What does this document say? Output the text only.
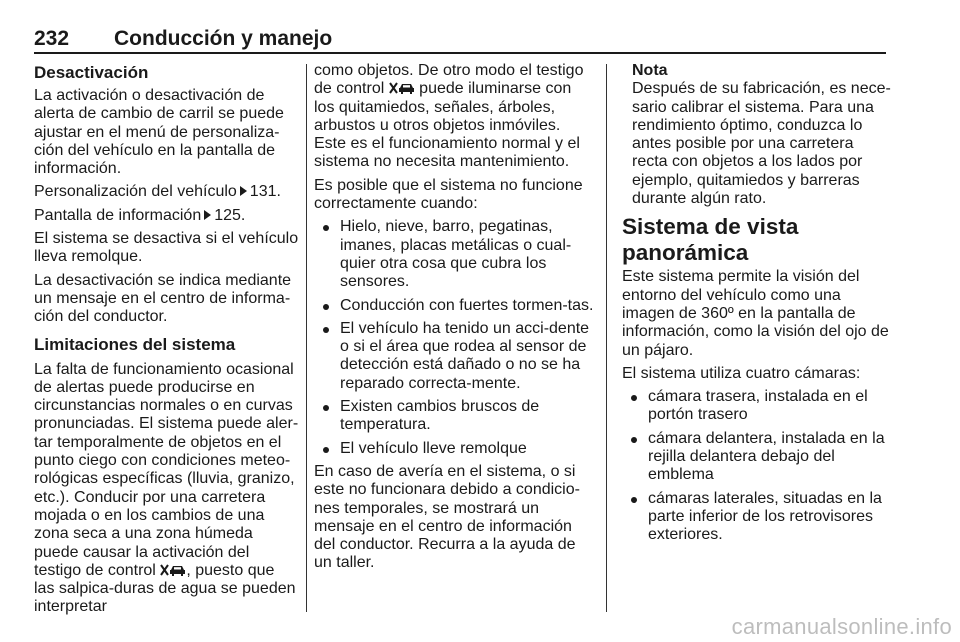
232 Conducción y manejo
Desactivación

La activación o desactivación de alerta de cambio de carril se puede ajustar en el menú de personaliza-ción del vehículo en la pantalla de información.

Personalización del vehículo 131.

Pantalla de información 125.

El sistema se desactiva si el vehículo lleva remolque.

La desactivación se indica mediante un mensaje en el centro de informa-ción del conductor.

Limitaciones del sistema

La falta de funcionamiento ocasional de alertas puede producirse en circunstancias normales o en curvas pronunciadas. El sistema puede aler-tar temporalmente de objetos en el punto ciego con condiciones meteo-rológicas específicas (lluvia, granizo, etc.). Conducir por una carretera mojada o en los cambios de una zona seca a una zona húmeda puede causar la activación del testigo de control , puesto que las salpica-duras de agua se pueden interpretar

como objetos. De otro modo el testigo de control puede iluminarse con los quitamiedos, señales, árboles, arbustos u otros objetos inmóviles. Este es el funcionamiento normal y el sistema no necesita mantenimiento.

Es posible que el sistema no funcione correctamente cuando:

Hielo, nieve, barro, pegatinas, imanes, placas metálicas o cual-quier otra cosa que cubra los sensores.
Conducción con fuertes tormen-tas.
El vehículo ha tenido un acci-dente o si el área que rodea al sensor de detección está dañado o no se ha reparado correcta-mente.
Existen cambios bruscos de temperatura.
El vehículo lleve remolque

En caso de avería en el sistema, o si este no funcionara debido a condicio-nes temporales, se mostrará un mensaje en el centro de información del conductor. Recurra a la ayuda de un taller.

Nota

Después de su fabricación, es nece-sario calibrar el sistema. Para una rendimiento óptimo, conduzca lo antes posible por una carretera recta con objetos a los lados por ejemplo, quitamiedos y barreras durante algún rato.

Sistema de vista panorámica

Este sistema permite la visión del entorno del vehículo como una imagen de 360º en la pantalla de información, como la visión del ojo de un pájaro.

El sistema utiliza cuatro cámaras:

cámara trasera, instalada en el portón trasero
cámara delantera, instalada en la rejilla delantera debajo del emblema
cámaras laterales, situadas en la parte inferior de los retrovisores exteriores.
carmanualsonline.info
